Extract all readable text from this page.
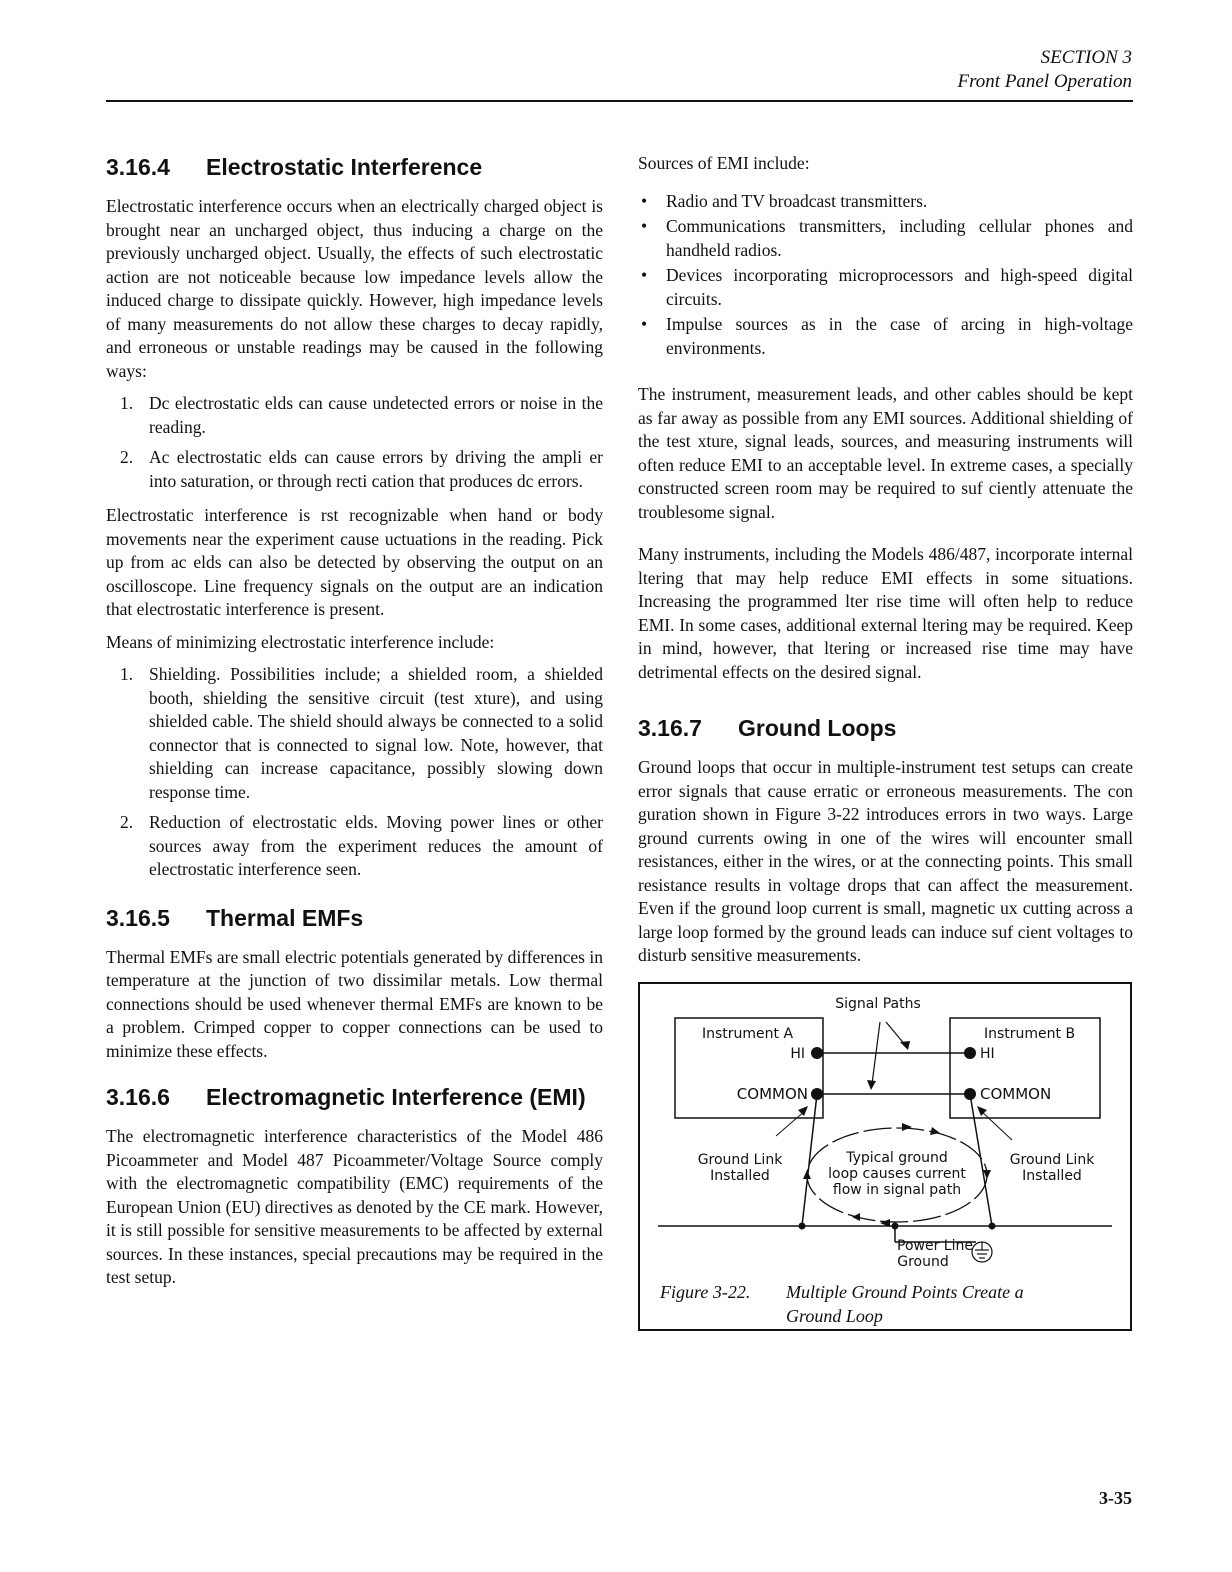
SECTION 3
Front Panel Operation
3.16.4 Electrostatic Interference

Electrostatic interference occurs when an electrically charged object is brought near an uncharged object, thus inducing a charge on the previously uncharged object. Usually, the effects of such electrostatic action are not noticeable because low impedance levels allow the induced charge to dissipate quickly. However, high impedance levels of many measurements do not allow these charges to decay rapidly, and erroneous or unstable readings may be caused in the following ways:

1. Dc electrostatic elds can cause undetected errors or noise in the reading.
2. Ac electrostatic elds can cause errors by driving the ampli er into saturation, or through recti cation that produces dc errors.

Electrostatic interference is rst recognizable when hand or body movements near the experiment cause uctuations in the reading. Pick up from ac elds can also be detected by observing the output on an oscilloscope. Line frequency signals on the output are an indication that electrostatic interference is present.

Means of minimizing electrostatic interference include:

1. Shielding. Possibilities include; a shielded room, a shielded booth, shielding the sensitive circuit (test xture), and using shielded cable. The shield should always be connected to a solid connector that is connected to signal low. Note, however, that shielding can increase capacitance, possibly slowing down response time.
2. Reduction of electrostatic elds. Moving power lines or other sources away from the experiment reduces the amount of electrostatic interference seen.
3.16.5 Thermal EMFs

Thermal EMFs are small electric potentials generated by differences in temperature at the junction of two dissimilar metals. Low thermal connections should be used whenever thermal EMFs are known to be a problem. Crimped copper to copper connections can be used to minimize these effects.

3.16.6 Electromagnetic Interference (EMI)

The electromagnetic interference characteristics of the Model 486 Picoammeter and Model 487 Picoammeter/Voltage Source comply with the electromagnetic compatibility (EMC) requirements of the European Union (EU) directives as denoted by the CE mark. However, it is still possible for sensitive measurements to be affected by external sources. In these instances, special precautions may be required in the test setup.

Sources of EMI include:

• Radio and TV broadcast transmitters.
• Communications transmitters, including cellular phones and handheld radios.
• Devices incorporating microprocessors and high-speed digital circuits.
• Impulse sources as in the case of arcing in high-voltage environments.

The instrument, measurement leads, and other cables should be kept as far away as possible from any EMI sources. Additional shielding of the test xture, signal leads, sources, and measuring instruments will often reduce EMI to an acceptable level. In extreme cases, a specially constructed screen room may be required to suf ciently attenuate the troublesome signal.

Many instruments, including the Models 486/487, incorporate internal ltering that may help reduce EMI effects in some situations. Increasing the programmed lter rise time will often help to reduce EMI. In some cases, additional external ltering may be required. Keep in mind, however, that ltering or increased rise time may have detrimental effects on the desired signal.

3.16.7 Ground Loops

Ground loops that occur in multiple-instrument test setups can create error signals that cause erratic or erroneous measurements. The con guration shown in Figure 3-22 introduces errors in two ways. Large ground currents owing in one of the wires will encounter small resistances, either in the wires, or at the connecting points. This small resistance results in voltage drops that can affect the measurement. Even if the ground loop current is small, magnetic ux cutting across a large loop formed by the ground leads can induce suf cient voltages to disturb sensitive measurements.

Instrument A	Instrument B
Signal Paths
HI	HI
COMMON	COMMON
Ground Link
Installed
Ground Link
Installed
Power Line
Ground
Typical ground
loop causes current
flow in signal path
Figure 3-22. Multiple Ground Points Create a Ground Loop
3-35
